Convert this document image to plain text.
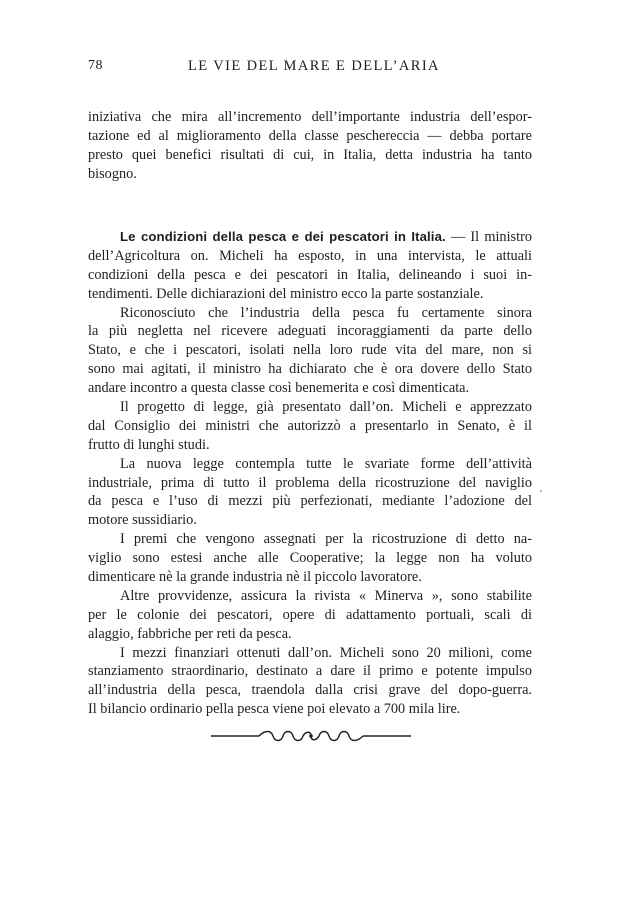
78	LE VIE DEL MARE E DELL’ARIA
iniziativa che mira all’incremento dell’importante industria dell’espor-
tazione ed al miglioramento della classe peschereccia — debba portare
presto quei benefici risultati di cui, in Italia, detta industria ha tanto
bisogno.
Le condizioni della pesca e dei pescatori in Italia. — Il ministro
dell’Agricoltura on. Micheli ha esposto, in una intervista, le attuali
condizioni della pesca e dei pescatori in Italia, delineando i suoi in-
tendimenti. Delle dichiarazioni del ministro ecco la parte sostanziale.
Riconosciuto che l’industria della pesca fu certamente sinora
la più negletta nel ricevere adeguati incoraggiamenti da parte dello
Stato, e che i pescatori, isolati nella loro rude vita del mare, non si
sono mai agitati, il ministro ha dichiarato che è ora dovere dello Stato
andare incontro a questa classe così benemerita e così dimenticata.
Il progetto di legge, già presentato dall’on. Micheli e apprezzato
dal Consiglio dei ministri che autorizzò a presentarlo in Senato, è il
frutto di lunghi studi.
La nuova legge contempla tutte le svariate forme dell’attività
industriale, prima di tutto il problema della ricostruzione del naviglio
da pesca e l’uso di mezzi più perfezionati, mediante l’adozione del
motore sussidiario.
I premi che vengono assegnati per la ricostruzione di detto na-
viglio sono estesi anche alle Cooperative; la legge non ha voluto
dimenticare nè la grande industria nè il piccolo lavoratore.
Altre provvidenze, assicura la rivista « Minerva », sono stabilite
per le colonie dei pescatori, opere di adattamento portuali, scali di
alaggio, fabbriche per reti da pesca.
I mezzi finanziari ottenuti dall’on. Micheli sono 20 milioni, come
stanziamento straordinario, destinato a dare il primo e potente impulso
all’industria della pesca, traendola dalla crisi grave del dopo-guerra.
Il bilancio ordinario pella pesca viene poi elevato a 700 mila lire.
